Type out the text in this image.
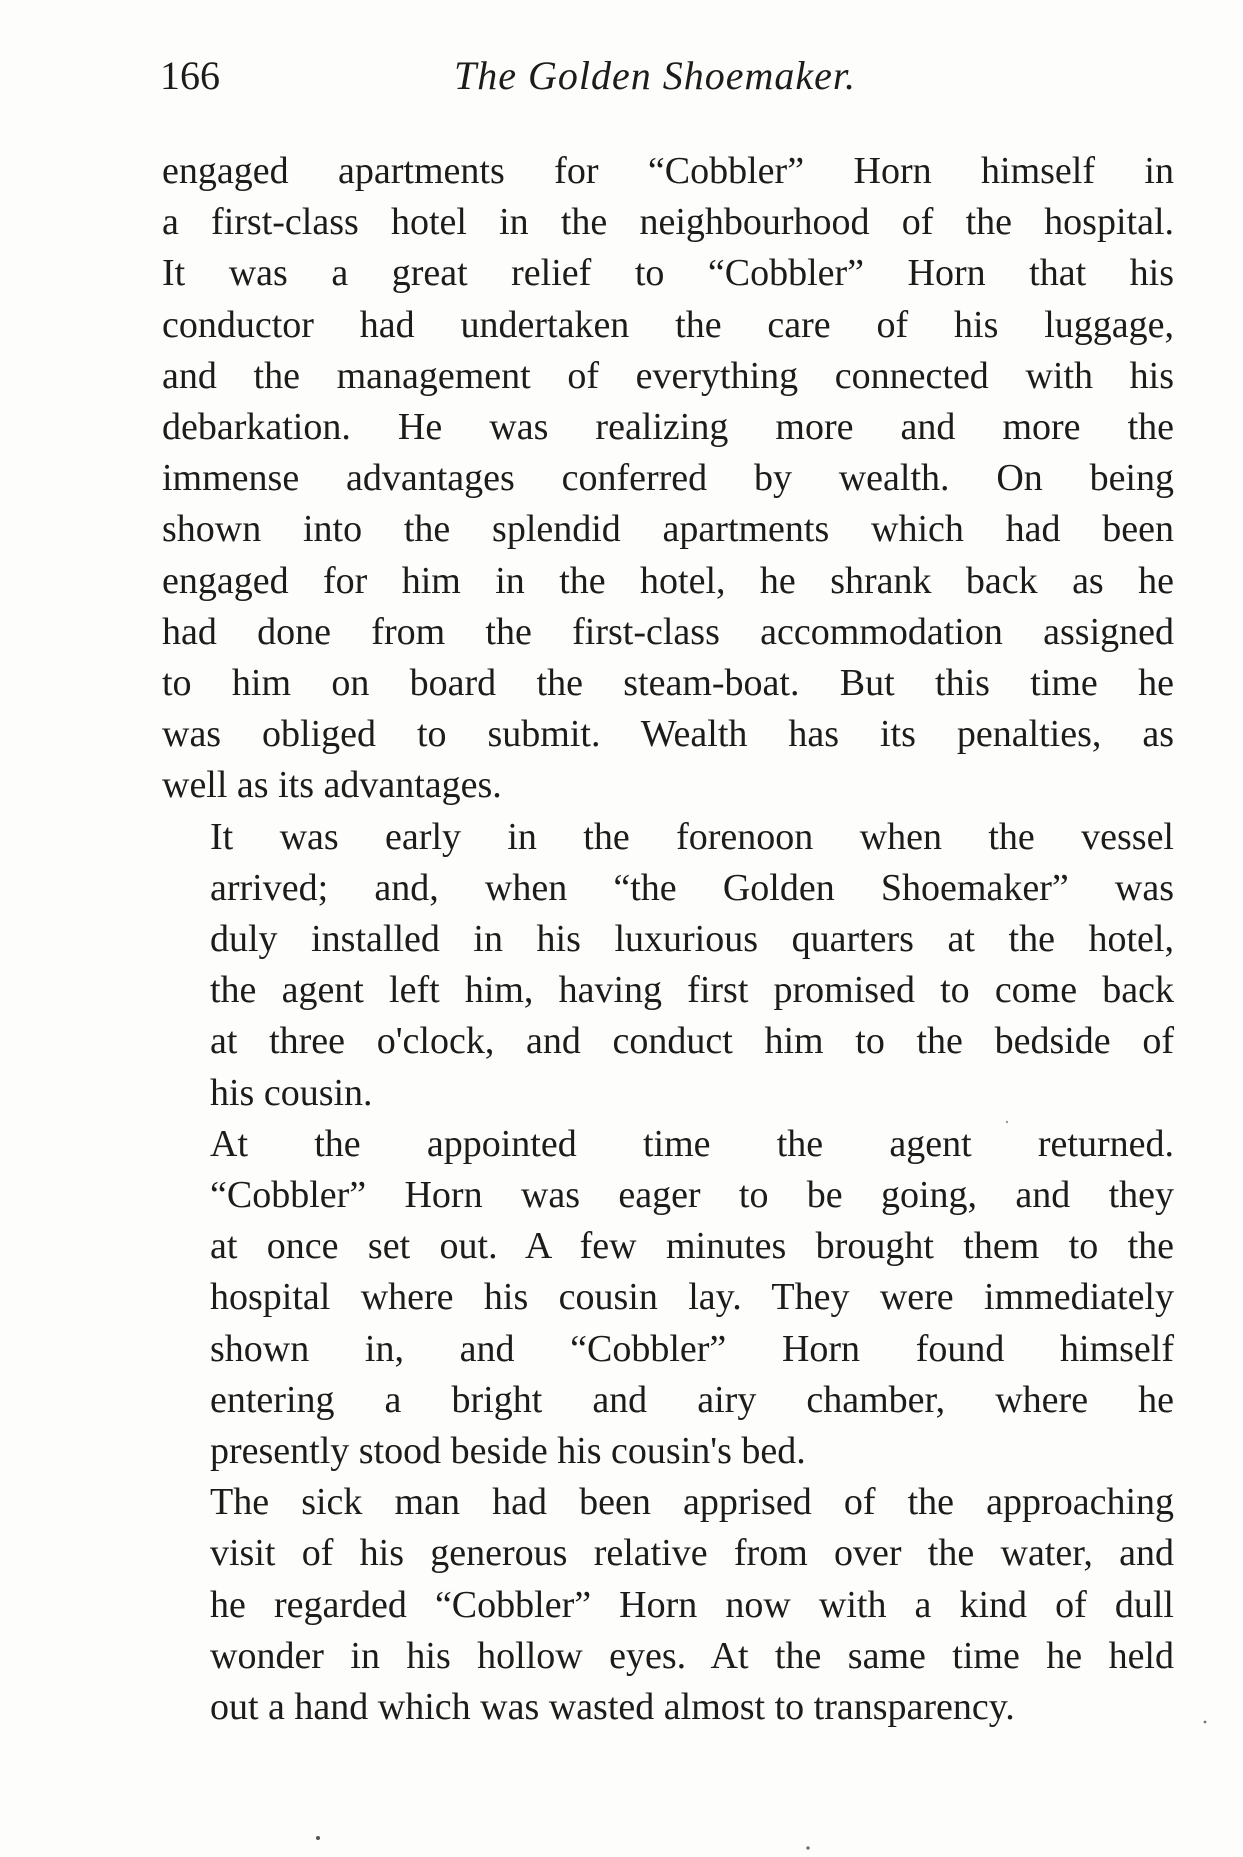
166	The Golden Shoemaker.

engaged apartments for “Cobbler” Horn himself in
a first-class hotel in the neighbourhood of the hospital.
It was a great relief to “Cobbler” Horn that his
conductor had undertaken the care of his luggage,
and the management of everything connected with his
debarkation. He was realizing more and more the
immense advantages conferred by wealth. On being
shown into the splendid apartments which had been
engaged for him in the hotel, he shrank back as he
had done from the first-class accommodation assigned
to him on board the steam-boat. But this time he
was obliged to submit. Wealth has its penalties, as
well as its advantages.

It was early in the forenoon when the vessel
arrived; and, when “the Golden Shoemaker” was
duly installed in his luxurious quarters at the hotel,
the agent left him, having first promised to come back
at three o'clock, and conduct him to the bedside of
his cousin.

At the appointed time the agent returned.
“Cobbler” Horn was eager to be going, and they
at once set out. A few minutes brought them to the
hospital where his cousin lay. They were immediately
shown in, and “Cobbler” Horn found himself
entering a bright and airy chamber, where he
presently stood beside his cousin's bed.

The sick man had been apprised of the approaching
visit of his generous relative from over the water, and
he regarded “Cobbler” Horn now with a kind of dull
wonder in his hollow eyes. At the same time he held
out a hand which was wasted almost to transparency.
